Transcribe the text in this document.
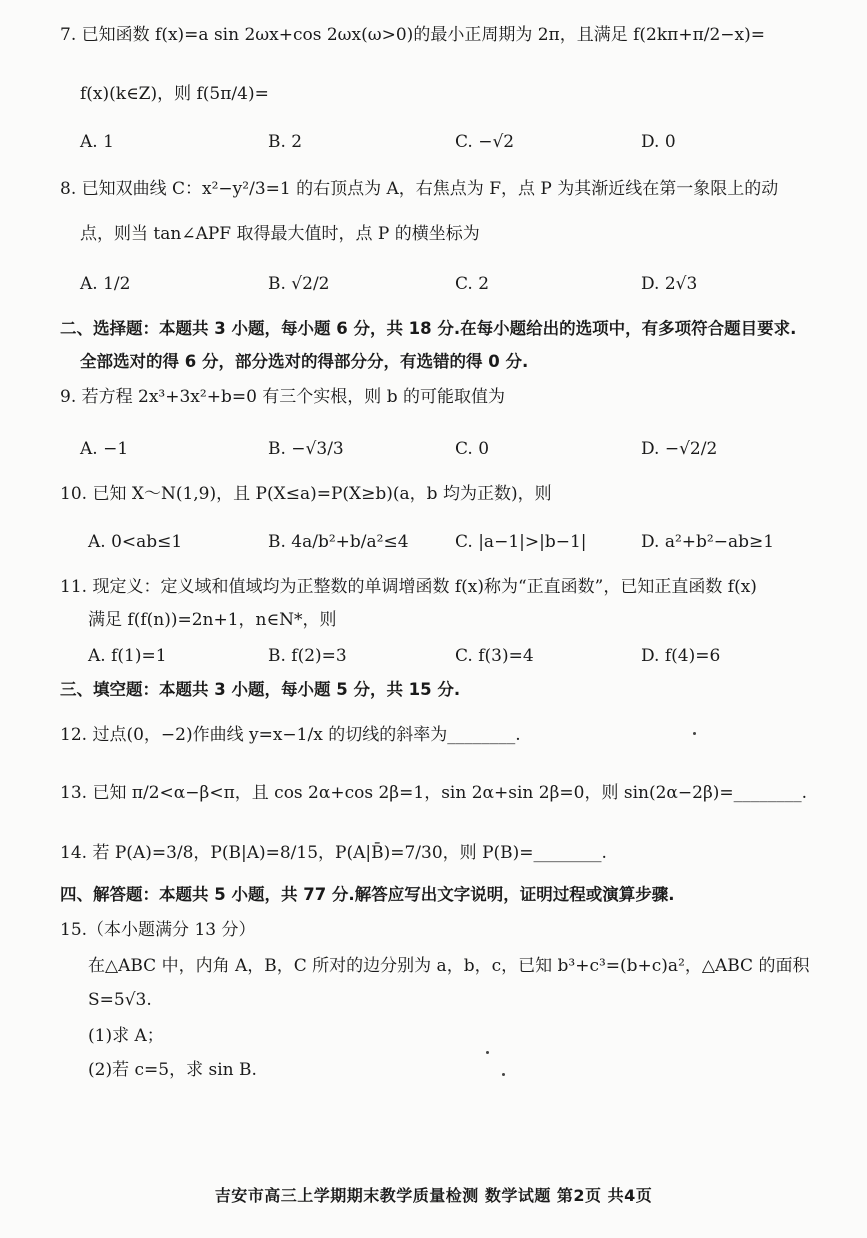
7. 已知函数 f(x)=a sin 2ωx+cos 2ωx(ω>0)的最小正周期为 2π，且满足 f(2kπ+π/2−x)=
f(x)(k∈Z)，则 f(5π/4)=
A. 1	B. 2	C. −√2	D. 0
8. 已知双曲线 C：x²−y²/3=1 的右顶点为 A，右焦点为 F，点 P 为其渐近线在第一象限上的动
点，则当 tan∠APF 取得最大值时，点 P 的横坐标为
A. 1/2	B. √2/2	C. 2	D. 2√3
二、选择题：本题共 3 小题，每小题 6 分，共 18 分.在每小题给出的选项中，有多项符合题目要求.
全部选对的得 6 分，部分选对的得部分分，有选错的得 0 分.
9. 若方程 2x³+3x²+b=0 有三个实根，则 b 的可能取值为
A. −1	B. −√3/3	C. 0	D. −√2/2
10. 已知 X～N(1,9)，且 P(X≤a)=P(X≥b)(a，b 均为正数)，则
A. 0<ab≤1	B. 4a/b²+b/a²≤4	C. |a−1|>|b−1|	D. a²+b²−ab≥1
11. 现定义：定义域和值域均为正整数的单调增函数 f(x)称为“正直函数”，已知正直函数 f(x)
满足 f(f(n))=2n+1，n∈N*，则
A. f(1)=1	B. f(2)=3	C. f(3)=4	D. f(4)=6
三、填空题：本题共 3 小题，每小题 5 分，共 15 分.
12. 过点(0，−2)作曲线 y=x−1/x 的切线的斜率为________.
13. 已知 π/2<α−β<π，且 cos 2α+cos 2β=1，sin 2α+sin 2β=0，则 sin(2α−2β)=________.
14. 若 P(A)=3/8，P(B|A)=8/15，P(A|B̄)=7/30，则 P(B)=________.
四、解答题：本题共 5 小题，共 77 分.解答应写出文字说明，证明过程或演算步骤.
15.（本小题满分 13 分）
在△ABC 中，内角 A，B，C 所对的边分别为 a，b，c，已知 b³+c³=(b+c)a²，△ABC 的面积
S=5√3.
(1)求 A；
(2)若 c=5，求 sin B.
吉安市高三上学期期末教学质量检测 数学试题 第2页 共4页
